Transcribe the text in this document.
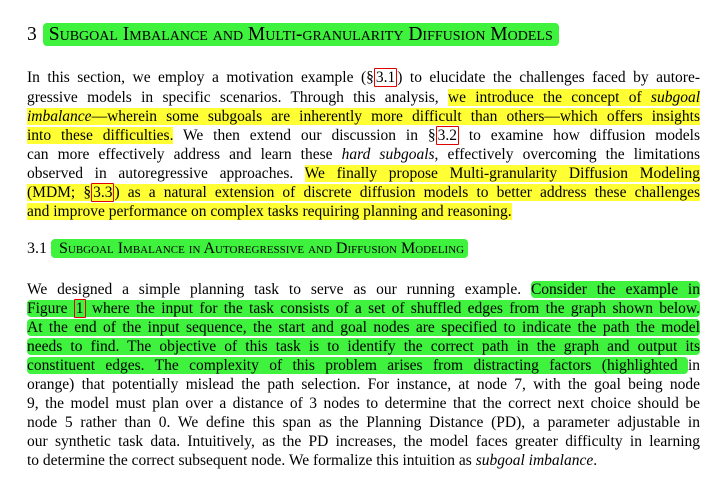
3 Subgoal Imbalance and Multi-granularity Diffusion Models
In this section, we employ a motivation example (§ 3.1 ) to elucidate the challenges faced by autore-
gressive models in specific scenarios. Through this analysis, we introduce the concept of subgoal
imbalance—wherein some subgoals are inherently more difficult than others—which offers insights
into these difficulties. We then extend our discussion in § 3.2 to examine how diffusion models
can more effectively address and learn these hard subgoals, effectively overcoming the limitations
observed in autoregressive approaches. We finally propose Multi-granularity Diffusion Modeling
(MDM; § 3.3 ) as a natural extension of discrete diffusion models to better address these challenges
and improve performance on complex tasks requiring planning and reasoning.
3.1 Subgoal Imbalance in Autoregressive and Diffusion Modeling
We designed a simple planning task to serve as our running example. Consider the example in
Figure 1 where the input for the task consists of a set of shuffled edges from the graph shown below.
At the end of the input sequence, the start and goal nodes are specified to indicate the path the model
needs to find. The objective of this task is to identify the correct path in the graph and output its
constituent edges. The complexity of this problem arises from distracting factors (highlighted in
orange) that potentially mislead the path selection. For instance, at node 7, with the goal being node
9, the model must plan over a distance of 3 nodes to determine that the correct next choice should be
node 5 rather than 0. We define this span as the Planning Distance (PD), a parameter adjustable in
our synthetic task data. Intuitively, as the PD increases, the model faces greater difficulty in learning
to determine the correct subsequent node. We formalize this intuition as subgoal imbalance.
